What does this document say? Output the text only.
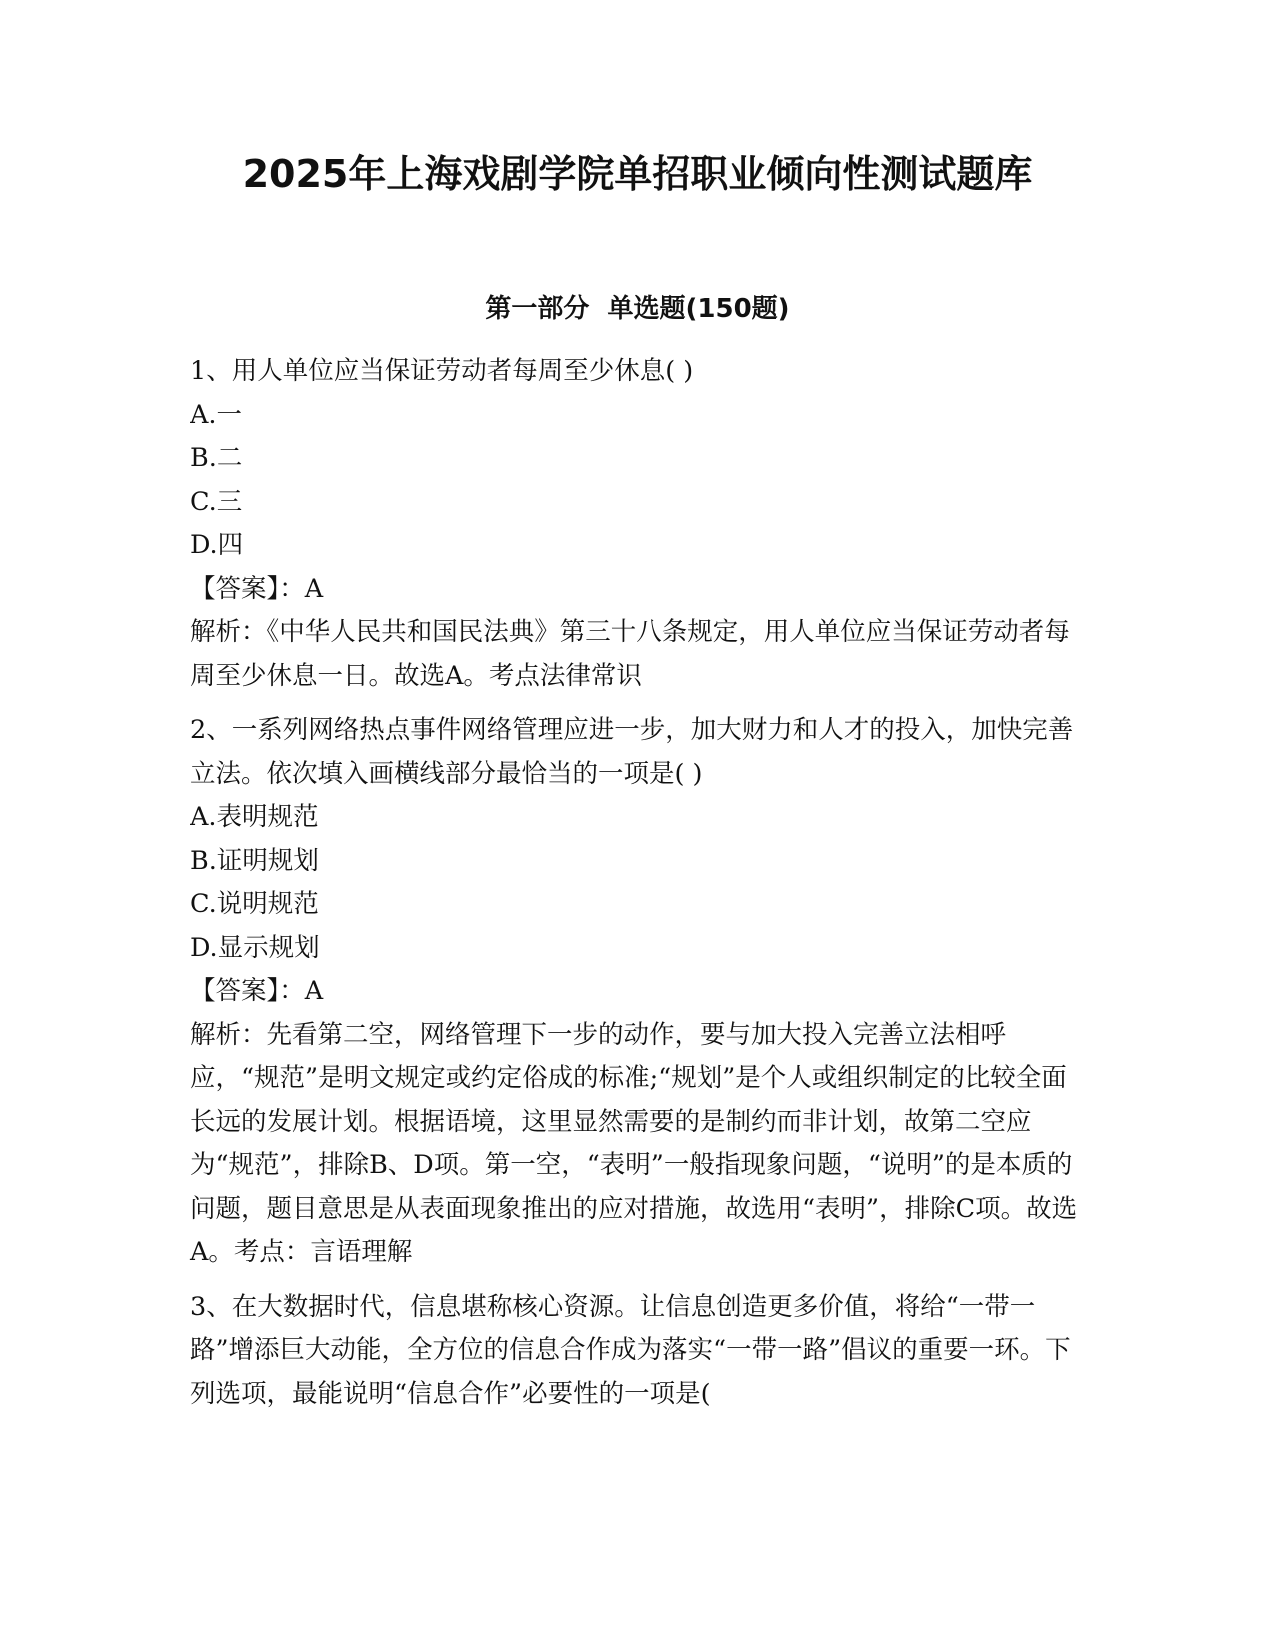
2025年上海戏剧学院单招职业倾向性测试题库
第一部分  单选题(150题)
1、用人单位应当保证劳动者每周至少休息( )
A.一
B.二
C.三
D.四
【答案】：A
解析：《中华人民共和国民法典》第三十八条规定，用人单位应当保证劳动者每周至少休息一日。故选A。考点法律常识
2、一系列网络热点事件网络管理应进一步，加大财力和人才的投入，加快完善立法。依次填入画横线部分最恰当的一项是( )
A.表明规范
B.证明规划
C.说明规范
D.显示规划
【答案】：A
解析：先看第二空，网络管理下一步的动作，要与加大投入完善立法相呼应，“规范”是明文规定或约定俗成的标准;“规划”是个人或组织制定的比较全面长远的发展计划。根据语境，这里显然需要的是制约而非计划，故第二空应为“规范”，排除B、D项。第一空，“表明”一般指现象问题，“说明”的是本质的问题，题目意思是从表面现象推出的应对措施，故选用“表明”，排除C项。故选A。考点：言语理解
3、在大数据时代，信息堪称核心资源。让信息创造更多价值，将给“一带一路”增添巨大动能，全方位的信息合作成为落实“一带一路”倡议的重要一环。下列选项，最能说明“信息合作”必要性的一项是(
